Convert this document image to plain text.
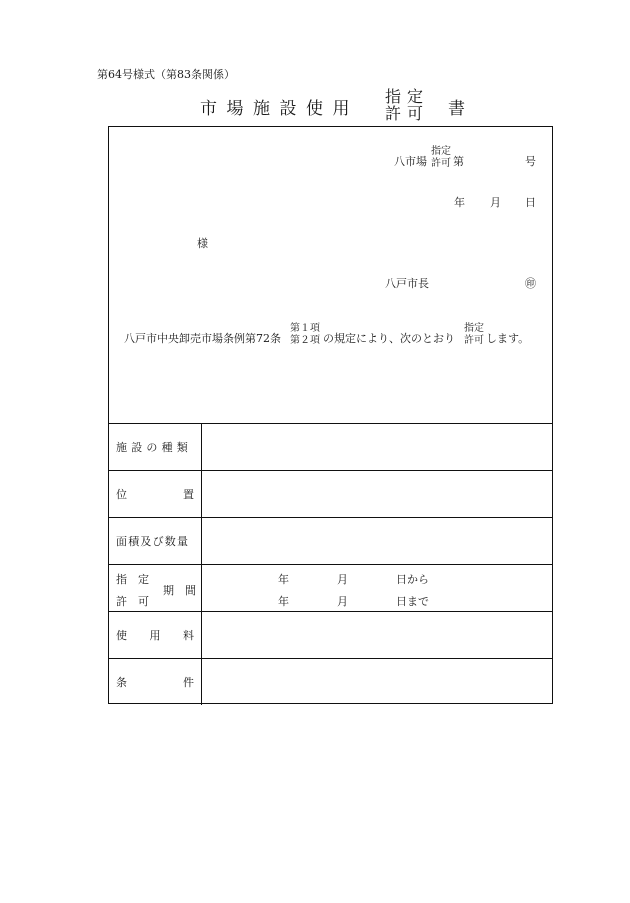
第64号様式（第83条関係）
市場施設使用
指定
許可 書
八市場
指定
許可 第	号
年 月 日
様
八戸市長	㊞
八戸市中央卸売市場条例第72条
第１項
第２項 の規定により、次のとおり
指定
許可 します。
施設の種類
位	置
面積及び数量
指　定
許　可
期　間
年	月	日から
年	月	日まで
使 用 料
条	件
